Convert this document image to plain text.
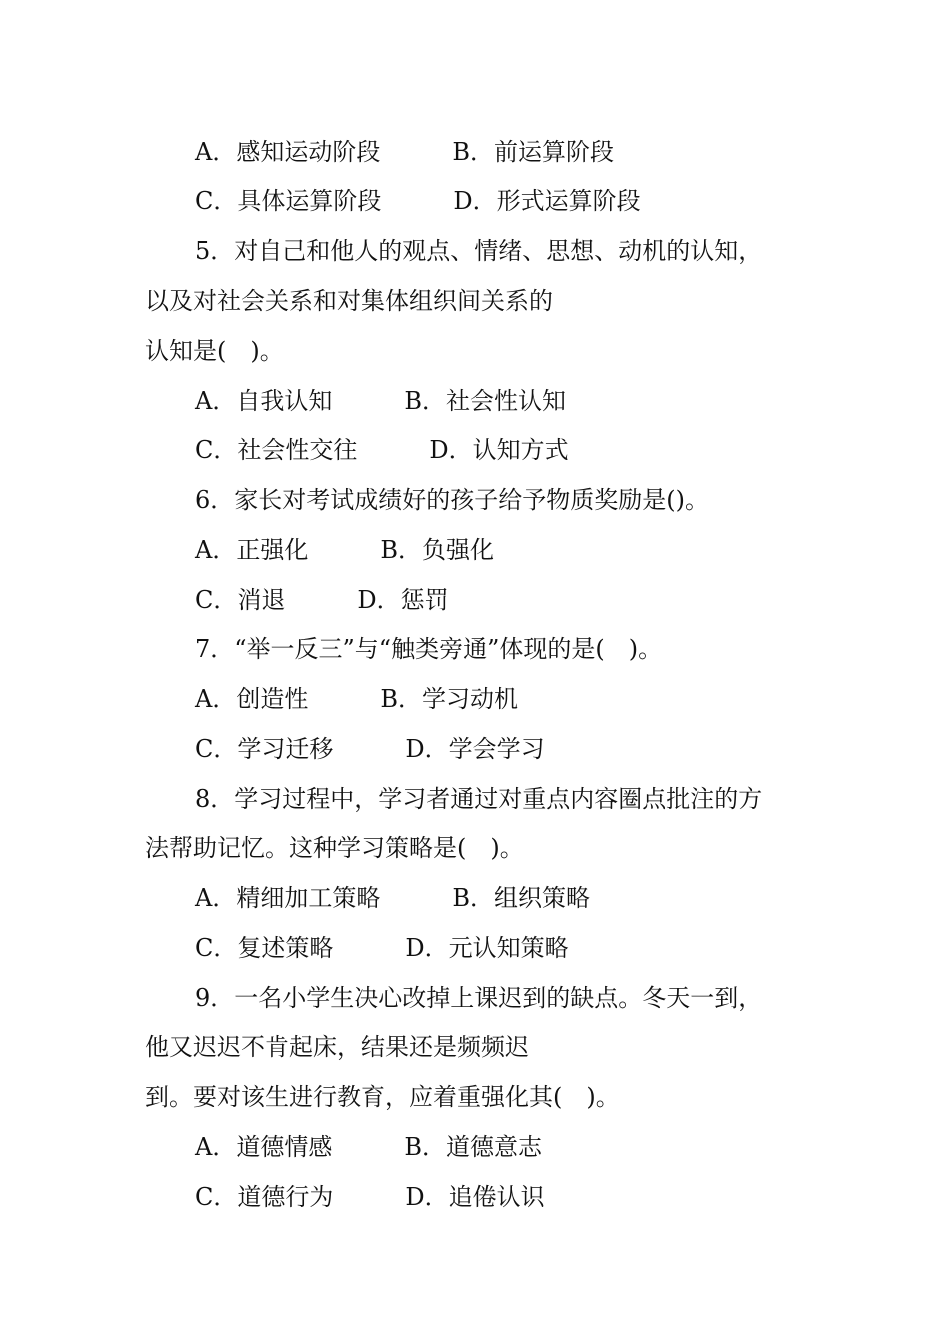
A．感知运动阶段　　　B．前运算阶段
C．具体运算阶段　　　D．形式运算阶段
5．对自己和他人的观点、情绪、思想、动机的认知，
以及对社会关系和对集体组织间关系的
认知是(　)。
A．自我认知　　　B．社会性认知
C．社会性交往　　　D．认知方式
6．家长对考试成绩好的孩子给予物质奖励是()。
A．正强化　　　B．负强化
C．消退　　　D．惩罚
7．“举一反三”与“触类旁通”体现的是(　)。
A．创造性　　　B．学习动机
C．学习迁移　　　D．学会学习
8．学习过程中，学习者通过对重点内容圈点批注的方
法帮助记忆。这种学习策略是(　)。
A．精细加工策略　　　B．组织策略
C．复述策略　　　D．元认知策略
9．一名小学生决心改掉上课迟到的缺点。冬天一到，
他又迟迟不肯起床，结果还是频频迟
到。要对该生进行教育，应着重强化其(　)。
A．道德情感　　　B．道德意志
C．道德行为　　　D．追倦认识
